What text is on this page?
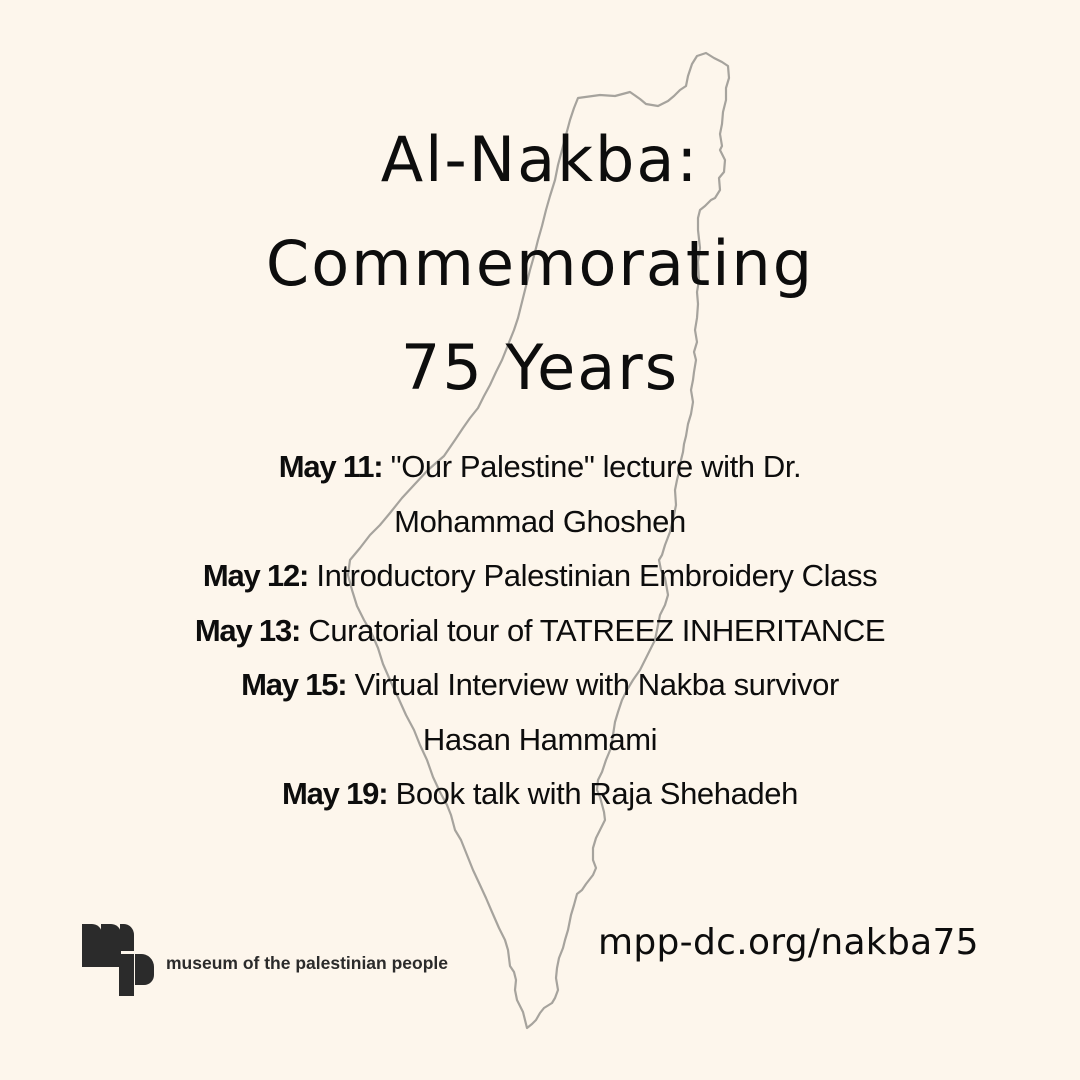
Al-Nakba:
Commemorating
75 Years
May 11: "Our Palestine" lecture with Dr.
Mohammad Ghosheh
May 12: Introductory Palestinian Embroidery Class
May 13: Curatorial tour of TATREEZ INHERITANCE
May 15: Virtual Interview with Nakba survivor
Hasan Hammami
May 19: Book talk with Raja Shehadeh
museum of the palestinian people	mpp-dc.org/nakba75
